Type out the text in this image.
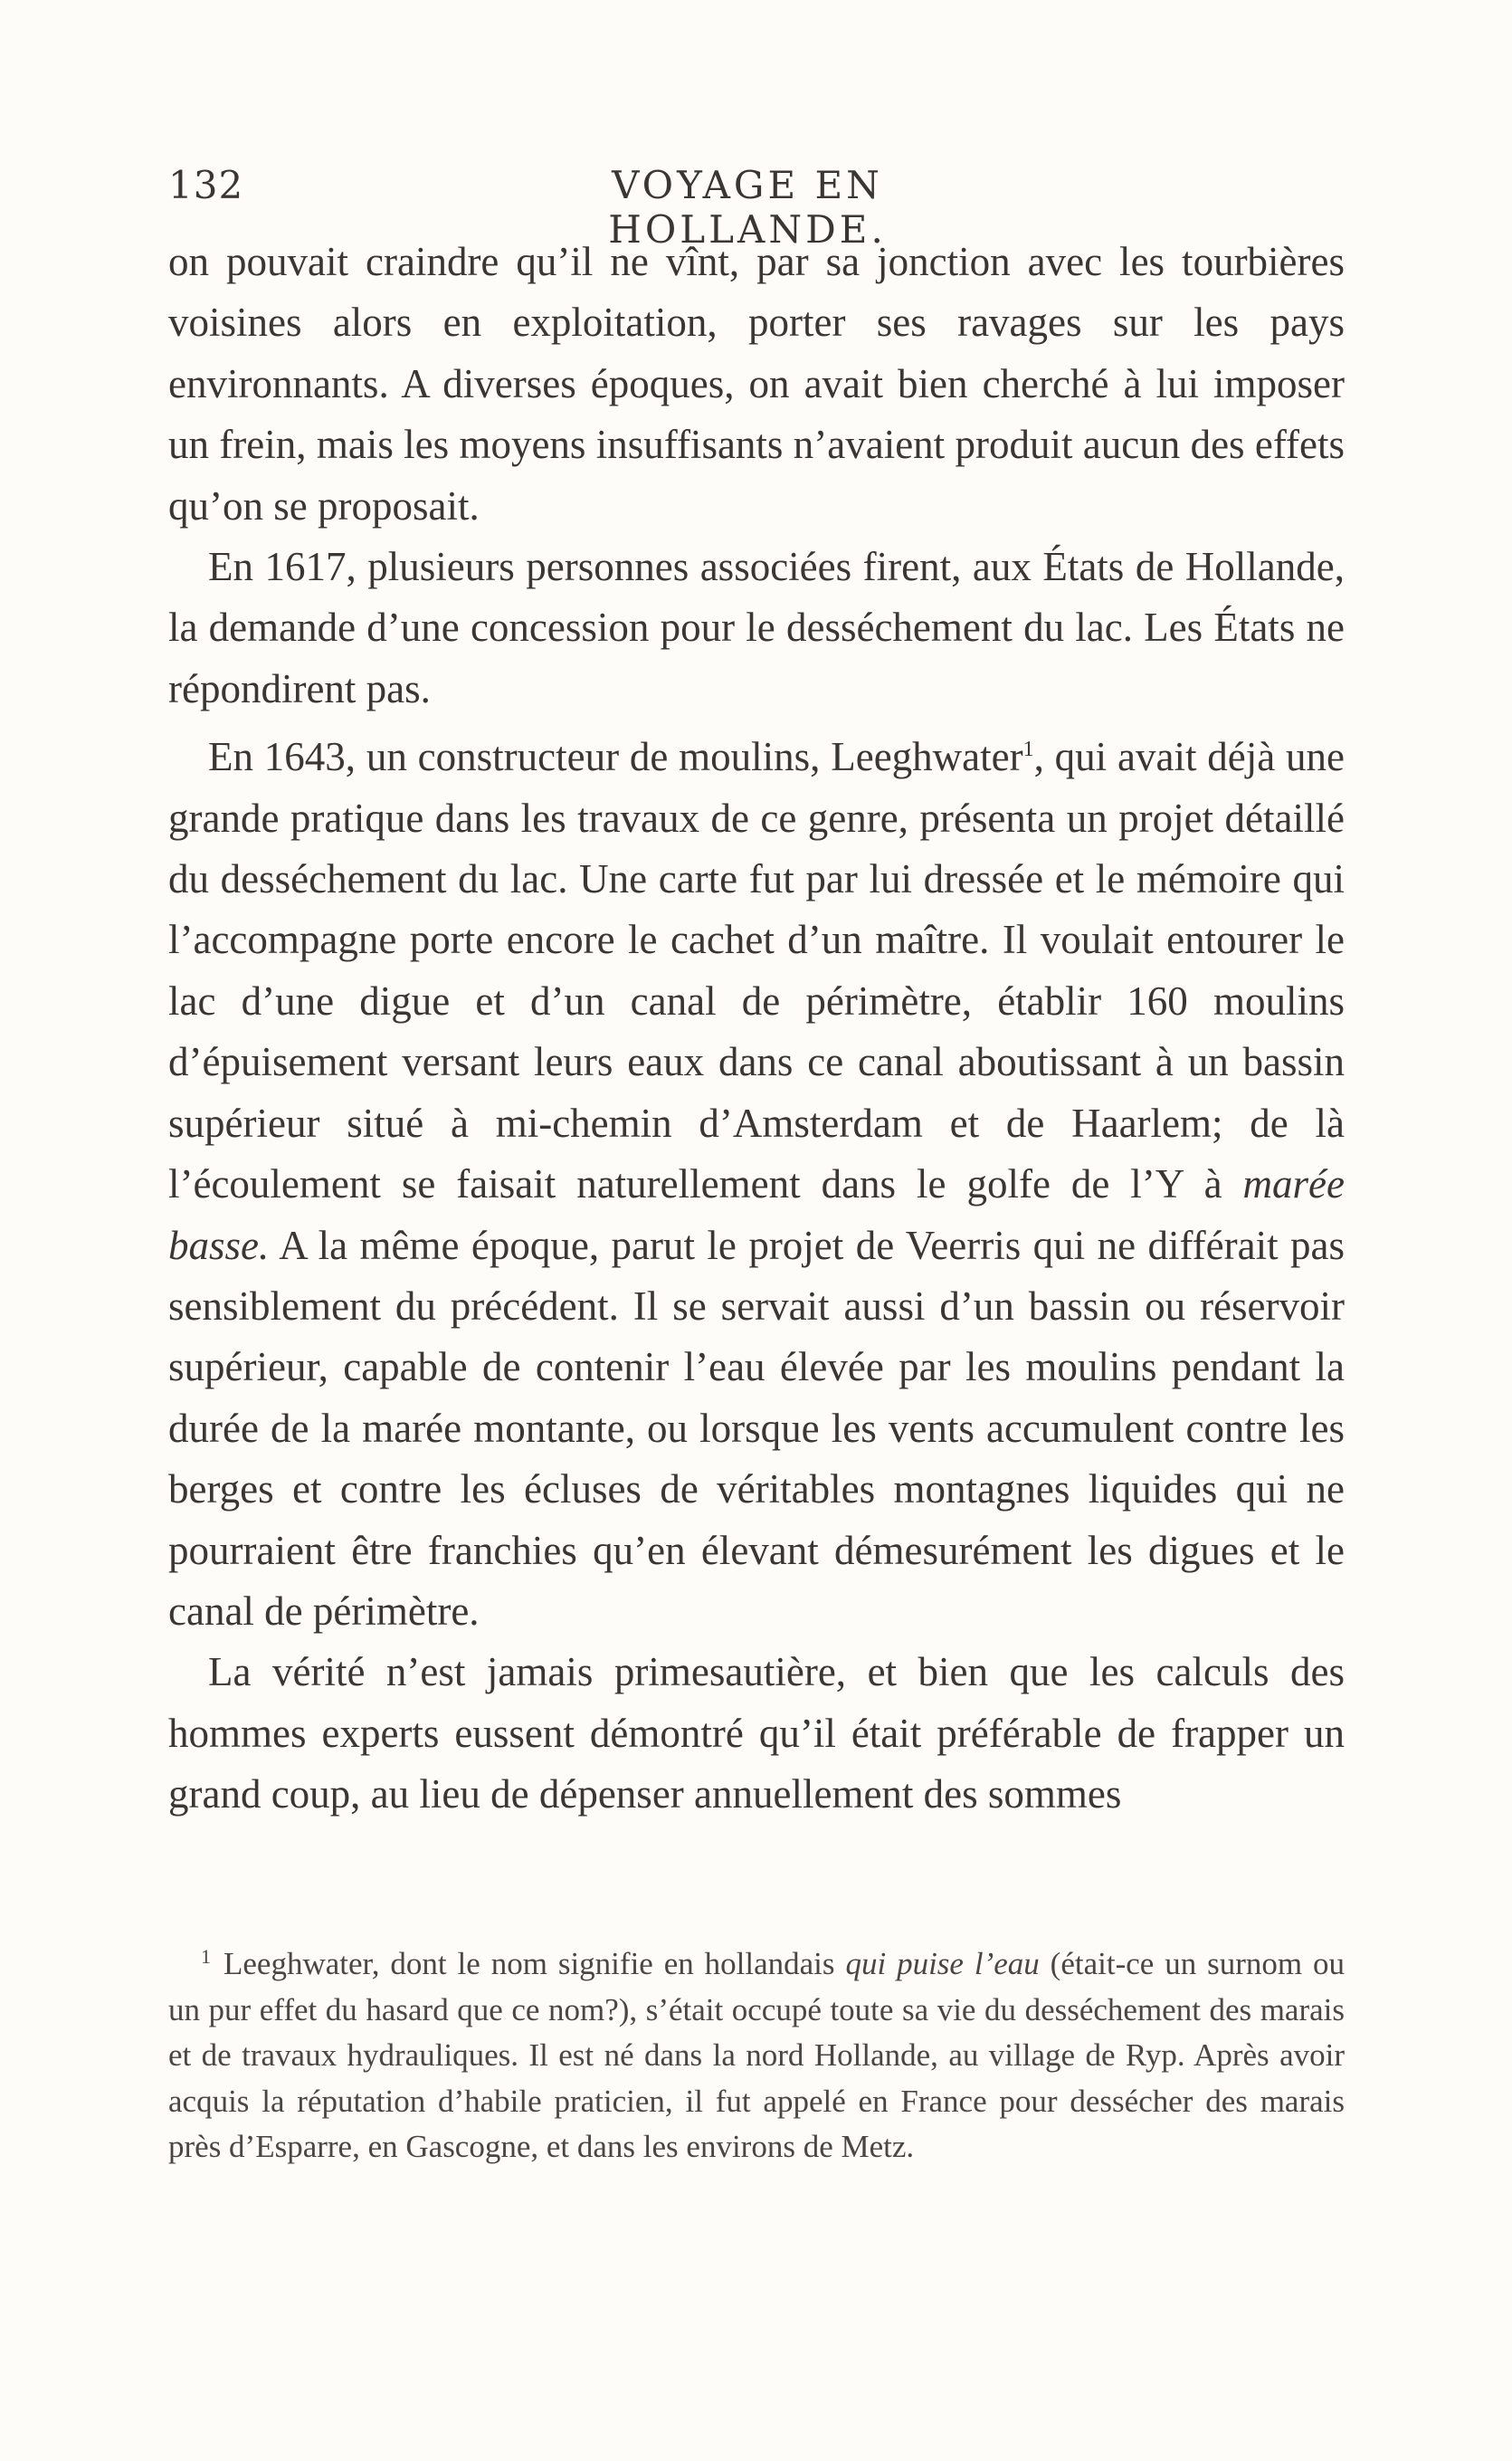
132	VOYAGE EN HOLLANDE.

on pouvait craindre qu’il ne vînt, par sa jonction avec les tourbières voisines alors en exploitation, porter ses ravages sur les pays environnants. A diverses époques, on avait bien cherché à lui imposer un frein, mais les moyens insuffisants n’avaient produit aucun des effets qu’on se proposait.

En 1617, plusieurs personnes associées firent, aux États de Hollande, la demande d’une concession pour le desséchement du lac. Les États ne répondirent pas.

En 1643, un constructeur de moulins, Leeghwater$^1$, qui avait déjà une grande pratique dans les travaux de ce genre, présenta un projet détaillé du desséchement du lac. Une carte fut par lui dressée et le mémoire qui l’accompagne porte encore le cachet d’un maître. Il voulait entourer le lac d’une digue et d’un canal de périmètre, établir 160 moulins d’épuisement versant leurs eaux dans ce canal aboutissant à un bassin supérieur situé à mi-chemin d’Amsterdam et de Haarlem; de là l’écoulement se faisait naturellement dans le golfe de l’Y à marée basse. A la même époque, parut le projet de Veerris qui ne différait pas sensiblement du précédent. Il se servait aussi d’un bassin ou réservoir supérieur, capable de contenir l’eau élevée par les moulins pendant la durée de la marée montante, ou lorsque les vents accumulent contre les berges et contre les écluses de véritables montagnes liquides qui ne pourraient être franchies qu’en élevant démesurément les digues et le canal de périmètre.

La vérité n’est jamais primesautière, et bien que les calculs des hommes experts eussent démontré qu’il était préférable de frapper un grand coup, au lieu de dépenser annuellement des sommes

$^1$ Leeghwater, dont le nom signifie en hollandais qui puise l’eau (était-ce un surnom ou un pur effet du hasard que ce nom?), s’était occupé toute sa vie du desséchement des marais et de travaux hydrauliques. Il est né dans la nord Hollande, au village de Ryp. Après avoir acquis la réputation d’habile praticien, il fut appelé en France pour dessécher des marais près d’Esparre, en Gascogne, et dans les environs de Metz.
